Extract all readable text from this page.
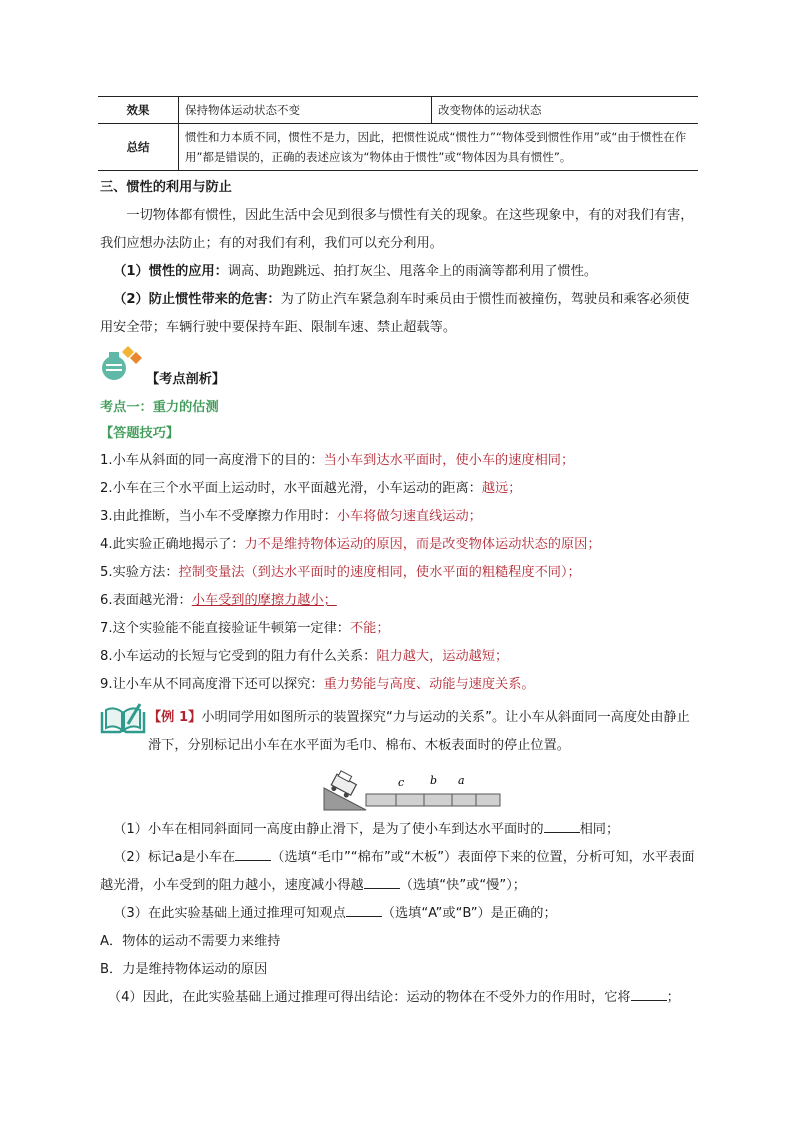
效果	保持物体运动状态不变	改变物体的运动状态
总结	惯性和力本质不同，惯性不是力，因此，把惯性说成“惯性力”“物体受到惯性作用”或“由于惯性在作用”都是错误的，正确的表述应该为“物体由于惯性”或“物体因为具有惯性”。	
三、惯性的利用与防止
一切物体都有惯性，因此生活中会见到很多与惯性有关的现象。在这些现象中，有的对我们有害，我们应想办法防止；有的对我们有利，我们可以充分利用。
（1）惯性的应用：调高、助跑跳远、拍打灰尘、甩落伞上的雨滴等都利用了惯性。
（2）防止惯性带来的危害：为了防止汽车紧急刹车时乘员由于惯性而被撞伤，驾驶员和乘客必须使用安全带；车辆行驶中要保持车距、限制车速、禁止超载等。
【考点剖析】
考点一：重力的估测
【答题技巧】
1.小车从斜面的同一高度滑下的目的：当小车到达水平面时，使小车的速度相同；
2.小车在三个水平面上运动时，水平面越光滑，小车运动的距离：越远；
3.由此推断，当小车不受摩擦力作用时：小车将做匀速直线运动；
4.此实验正确地揭示了：力不是维持物体运动的原因，而是改变物体运动状态的原因；
5.实验方法：控制变量法（到达水平面时的速度相同，使水平面的粗糙程度不同）；
6.表面越光滑：小车受到的摩擦力越小；
7.这个实验能不能直接验证牛顿第一定律：不能；
8.小车运动的长短与它受到的阻力有什么关系：阻力越大，运动越短；
9.让小车从不同高度滑下还可以探究：重力势能与高度、动能与速度关系。
【例 1】小明同学用如图所示的装置探究“力与运动的关系”。让小车从斜面同一高度处由静止滑下，分别标记出小车在水平面为毛巾、棉布、木板表面时的停止位置。
c b a
（1）小车在相同斜面同一高度由静止滑下，是为了使小车到达水平面时的	相同；
（2）标记a是小车在	（选填“毛巾”“棉布”或“木板”）表面停下来的位置，分析可知，水平表面越光滑，小车受到的阻力越小，速度减小得越	（选填“快”或“慢”）；
（3）在此实验基础上通过推理可知观点	（选填“A”或“B”）是正确的；
A．物体的运动不需要力来维持
B．力是维持物体运动的原因
（4）因此，在此实验基础上通过推理可得出结论：运动的物体在不受外力的作用时，它将	；
